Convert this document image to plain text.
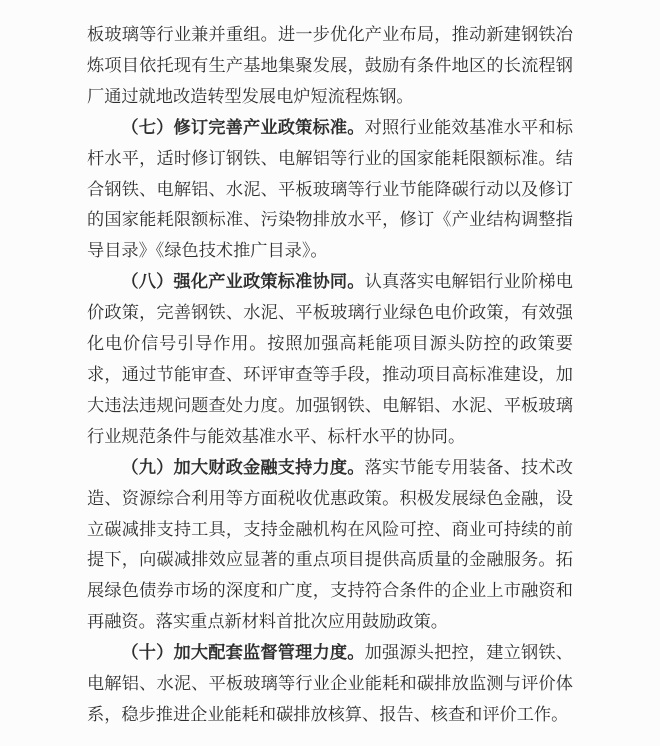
板玻璃等行业兼并重组。进一步优化产业布局，推动新建钢铁冶炼项目依托现有生产基地集聚发展，鼓励有条件地区的长流程钢厂通过就地改造转型发展电炉短流程炼钢。

（七）修订完善产业政策标准。对照行业能效基准水平和标杆水平，适时修订钢铁、电解铝等行业的国家能耗限额标准。结合钢铁、电解铝、水泥、平板玻璃等行业节能降碳行动以及修订的国家能耗限额标准、污染物排放水平，修订《产业结构调整指导目录》《绿色技术推广目录》。

（八）强化产业政策标准协同。认真落实电解铝行业阶梯电价政策，完善钢铁、水泥、平板玻璃行业绿色电价政策，有效强化电价信号引导作用。按照加强高耗能项目源头防控的政策要求，通过节能审查、环评审查等手段，推动项目高标准建设，加大违法违规问题查处力度。加强钢铁、电解铝、水泥、平板玻璃行业规范条件与能效基准水平、标杆水平的协同。

（九）加大财政金融支持力度。落实节能专用装备、技术改造、资源综合利用等方面税收优惠政策。积极发展绿色金融，设立碳减排支持工具，支持金融机构在风险可控、商业可持续的前提下，向碳减排效应显著的重点项目提供高质量的金融服务。拓展绿色债券市场的深度和广度，支持符合条件的企业上市融资和再融资。落实重点新材料首批次应用鼓励政策。

（十）加大配套监督管理力度。加强源头把控，建立钢铁、电解铝、水泥、平板玻璃等行业企业能耗和碳排放监测与评价体系，稳步推进企业能耗和碳排放核算、报告、核查和评价工作。
